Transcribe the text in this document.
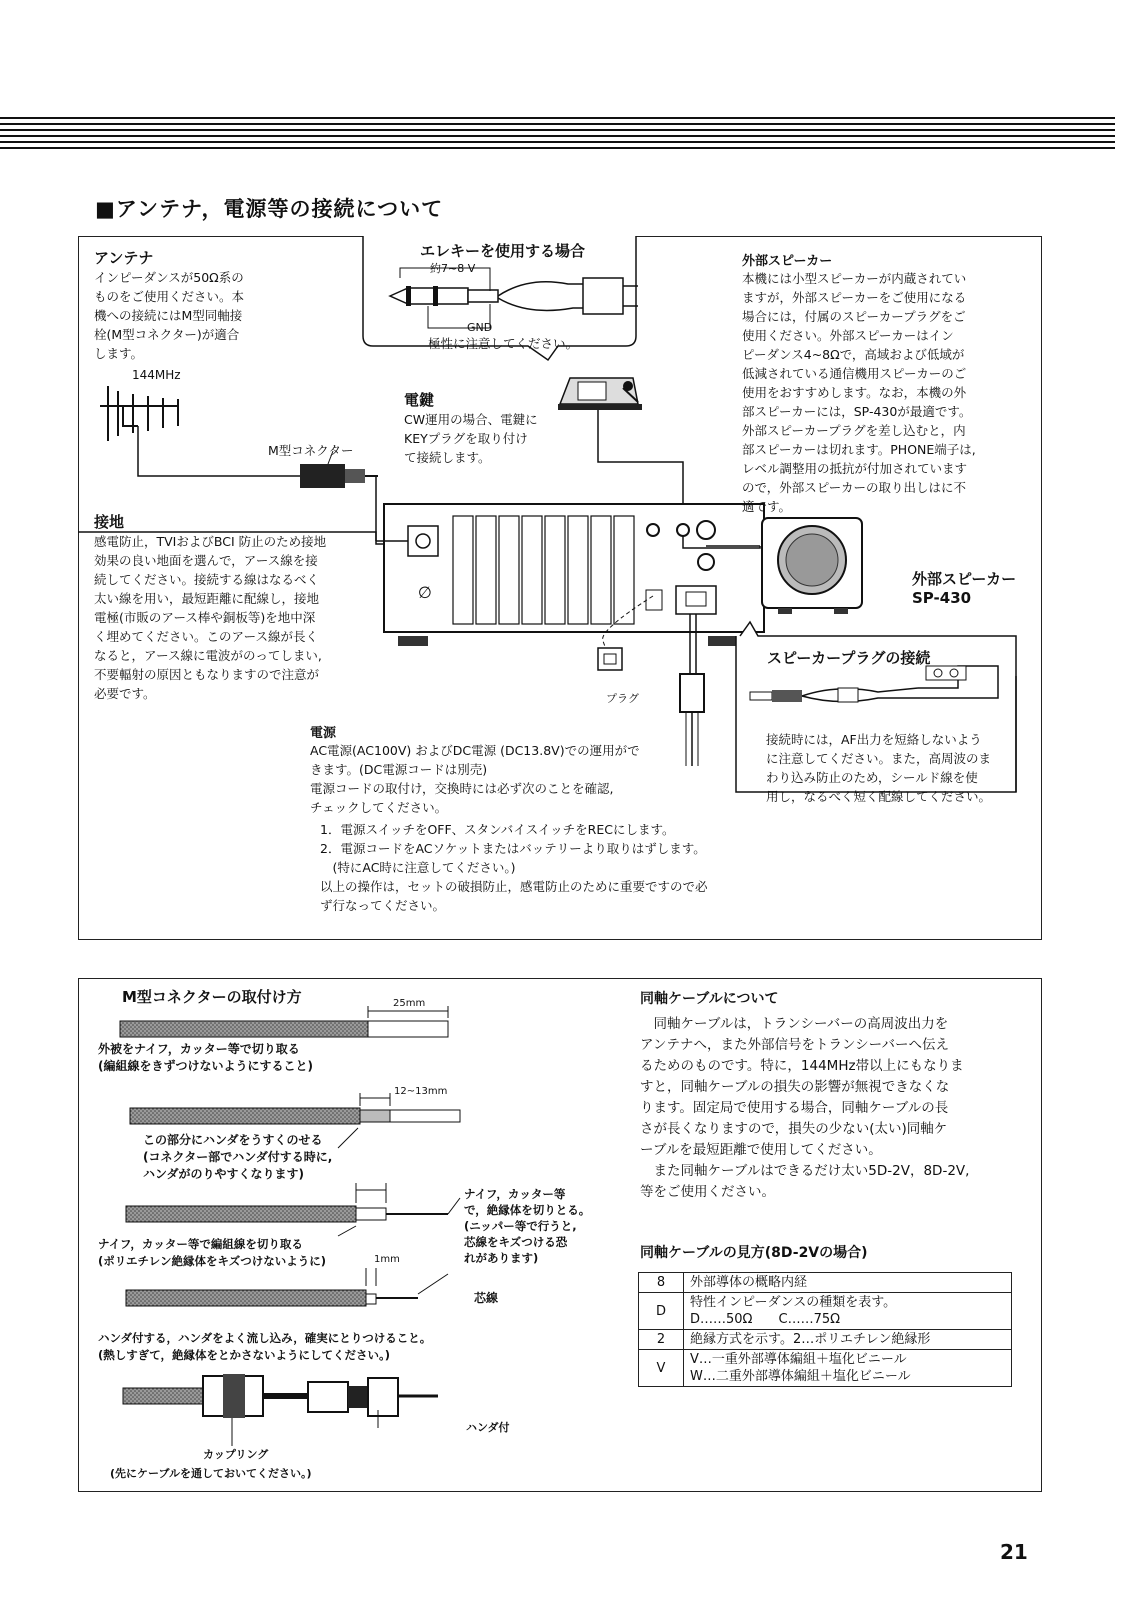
■アンテナ，電源等の接続について
∅
アンテナ
インピーダンスが50Ω系の
ものをご使用ください。本
機への接続にはM型同軸接
栓(M型コネクター)が適合
します。
144MHz
M型コネクター
エレキーを使用する場合
約7~8 V
GND
極性に注意してください。
電鍵
CW運用の場合、電鍵に
KEYプラグを取り付け
て接続します。
外部スピーカー
本機には小型スピーカーが内蔵されてい
ますが，外部スピーカーをご使用になる
場合には，付属のスピーカープラグをご
使用ください。外部スピーカーはイン
ピーダンス4~8Ωで，高域および低域が
低減されている通信機用スピーカーのご
使用をおすすめします。なお，本機の外
部スピーカーには，SP-430が最適です。
外部スピーカープラグを差し込むと，内
部スピーカーは切れます。PHONE端子は,
レベル調整用の抵抗が付加されています
ので，外部スピーカーの取り出しはに不
適です。
接地
感電防止，TVIおよびBCI 防止のため接地
効果の良い地面を選んで，アース線を接
続してください。接続する線はなるべく
太い線を用い，最短距離に配線し，接地
電極(市販のアース棒や銅板等)を地中深
く埋めてください。このアース線が長く
なると，アース線に電波がのってしまい,
不要輻射の原因ともなりますので注意が
必要です。
外部スピーカー
SP-430
プラグ
スピーカープラグの接続
接続時には，AF出力を短絡しないよう
に注意してください。また，高周波のま
わり込み防止のため，シールド線を使
用し，なるべく短く配線してください。
電源
AC電源(AC100V) およびDC電源 (DC13.8V)での運用がで
きます。(DC電源コードは別売)
電源コードの取付け，交換時には必ず次のことを確認,
チェックしてください。
1．電源スイッチをOFF、スタンバイスイッチをRECにします。
2．電源コードをACソケットまたはバッテリーより取りはずします。
　(特にAC時に注意してください。)
以上の操作は，セットの破損防止，感電防止のために重要ですので必
ず行なってください。
M型コネクターの取付け方	25mm
外被をナイフ，カッター等で切り取る
(編組線をきずつけないようにすること)
12~13mm
この部分にハンダをうすくのせる
(コネクター部でハンダ付する時に,
ハンダがのりやすくなります)
ナイフ，カッター等
で，絶縁体を切りとる。
(ニッパー等で行うと,
芯線をキズつける恐
れがあります)
ナイフ，カッター等で編組線を切り取る
(ポリエチレン絶縁体をキズつけないように)	1mm
芯線
ハンダ付する，ハンダをよく流し込み，確実にとりつけること。
(熱しすぎて，絶縁体をとかさないようにしてください。)
ハンダ付
カップリング
(先にケーブルを通しておいてください。)
同軸ケーブルについて
　同軸ケーブルは，トランシーバーの高周波出力を
アンテナへ，また外部信号をトランシーバーへ伝え
るためのものです。特に，144MHz帯以上にもなりま
すと，同軸ケーブルの損失の影響が無視できなくな
ります。固定局で使用する場合，同軸ケーブルの長
さが長くなりますので，損失の少ない(太い)同軸ケ
ーブルを最短距離で使用してください。
　また同軸ケーブルはできるだけ太い5D-2V，8D-2V,
等をご使用ください。
同軸ケーブルの見方(8D-2Vの場合)
8	外部導体の概略内経

D	特性インピーダンスの種類を表す。
D……50Ω　　C……75Ω

2	絶縁方式を示す。2…ポリエチレン絶縁形

V	V…一重外部導体編組＋塩化ビニール
W…二重外部導体編組＋塩化ビニール
21
